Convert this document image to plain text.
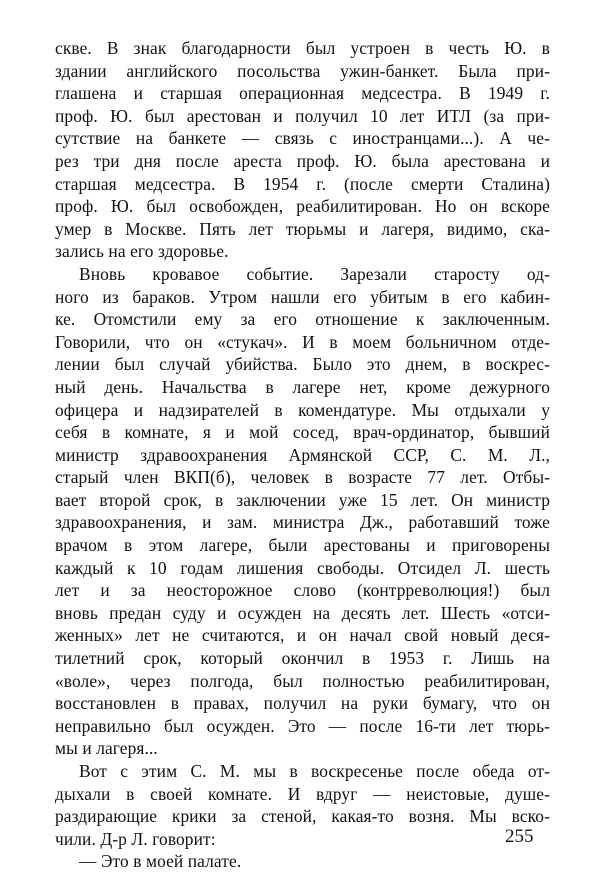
скве. В знак благодарности был устроен в честь Ю. в
здании английского посольства ужин-банкет. Была при-
глашена и старшая операционная медсестра. В 1949 г.
проф. Ю. был арестован и получил 10 лет ИТЛ (за при-
сутствие на банкете — связь с иностранцами...). А че-
рез три дня после ареста проф. Ю. была арестована и
старшая медсестра. В 1954 г. (после смерти Сталина)
проф. Ю. был освобожден, реабилитирован. Но он вскоре
умер в Москве. Пять лет тюрьмы и лагеря, видимо, ска-
зались на его здоровье.
Вновь кровавое событие. Зарезали старосту од-
ного из бараков. Утром нашли его убитым в его кабин-
ке. Отомстили ему за его отношение к заключенным.
Говорили, что он «стукач». И в моем больничном отде-
лении был случай убийства. Было это днем, в воскрес-
ный день. Начальства в лагере нет, кроме дежурного
офицера и надзирателей в комендатуре. Мы отдыхали у
себя в комнате, я и мой сосед, врач-ординатор, бывший
министр здравоохранения Армянской ССР, С. М. Л.,
старый член ВКП(б), человек в возрасте 77 лет. Отбы-
вает второй срок, в заключении уже 15 лет. Он министр
здравоохранения, и зам. министра Дж., работавший тоже
врачом в этом лагере, были арестованы и приговорены
каждый к 10 годам лишения свободы. Отсидел Л. шесть
лет и за неосторожное слово (контрреволюция!) был
вновь предан суду и осужден на десять лет. Шесть «отси-
женных» лет не считаются, и он начал свой новый деся-
тилетний срок, который окончил в 1953 г. Лишь на
«воле», через полгода, был полностью реабилитирован,
восстановлен в правах, получил на руки бумагу, что он
неправильно был осужден. Это — после 16-ти лет тюрь-
мы и лагеря...
Вот с этим С. М. мы в воскресенье после обеда от-
дыхали в своей комнате. И вдруг — неистовые, душе-
раздирающие крики за стеной, какая-то возня. Мы вско-
чили. Д-р Л. говорит:
— Это в моей палате.
255
